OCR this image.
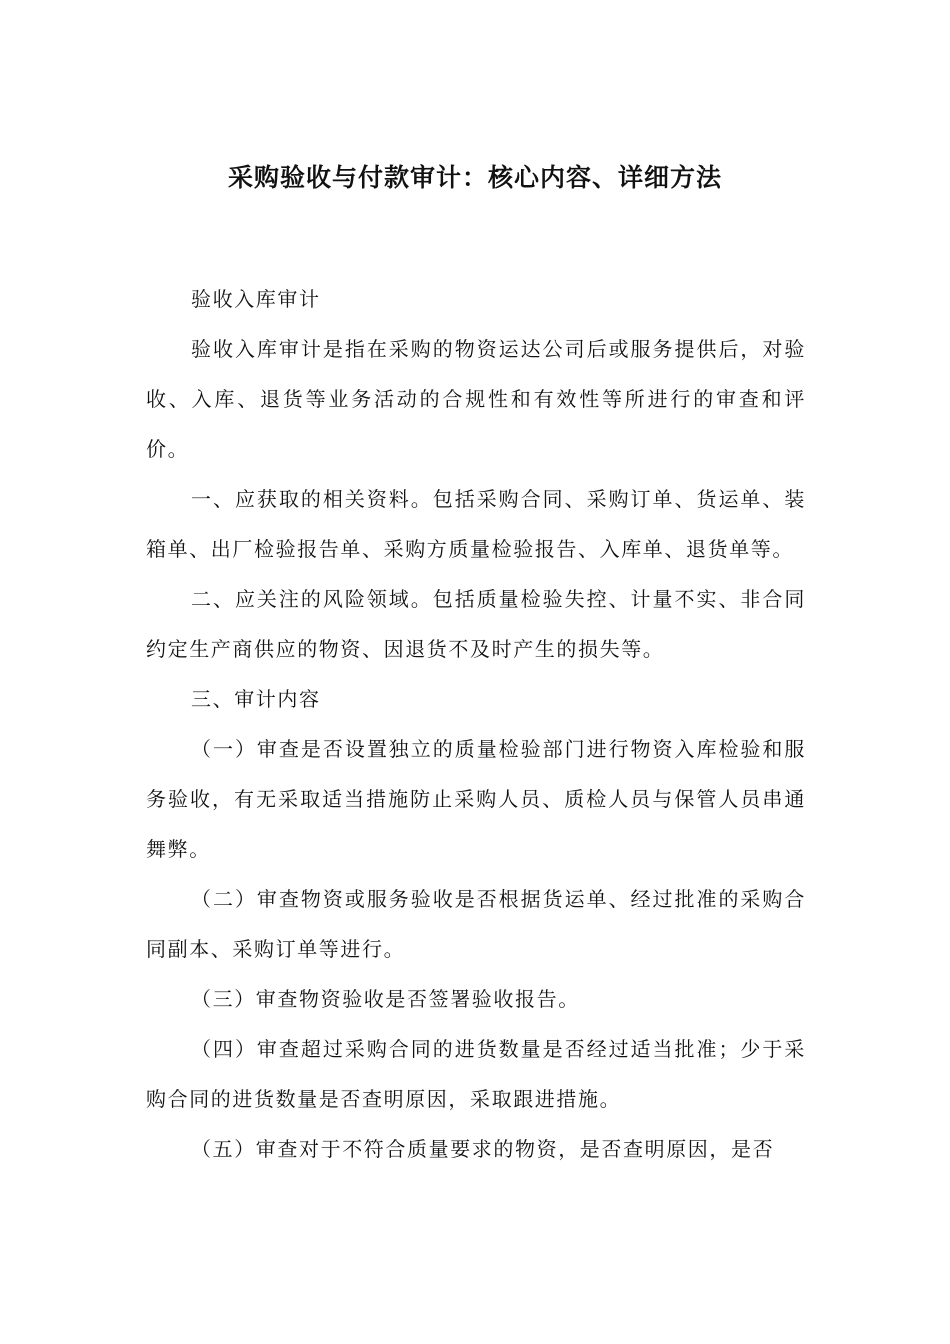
采购验收与付款审计：核心内容、详细方法

验收入库审计

验收入库审计是指在采购的物资运达公司后或服务提供后，对验收、入库、退货等业务活动的合规性和有效性等所进行的审查和评价。

一、应获取的相关资料。包括采购合同、采购订单、货运单、装箱单、出厂检验报告单、采购方质量检验报告、入库单、退货单等。

二、应关注的风险领域。包括质量检验失控、计量不实、非合同约定生产商供应的物资、因退货不及时产生的损失等。

三、审计内容

（一）审查是否设置独立的质量检验部门进行物资入库检验和服务验收，有无采取适当措施防止采购人员、质检人员与保管人员串通舞弊。

（二）审查物资或服务验收是否根据货运单、经过批准的采购合同副本、采购订单等进行。

（三）审查物资验收是否签署验收报告。

（四）审查超过采购合同的进货数量是否经过适当批准；少于采购合同的进货数量是否查明原因，采取跟进措施。

（五）审查对于不符合质量要求的物资，是否查明原因，是否
